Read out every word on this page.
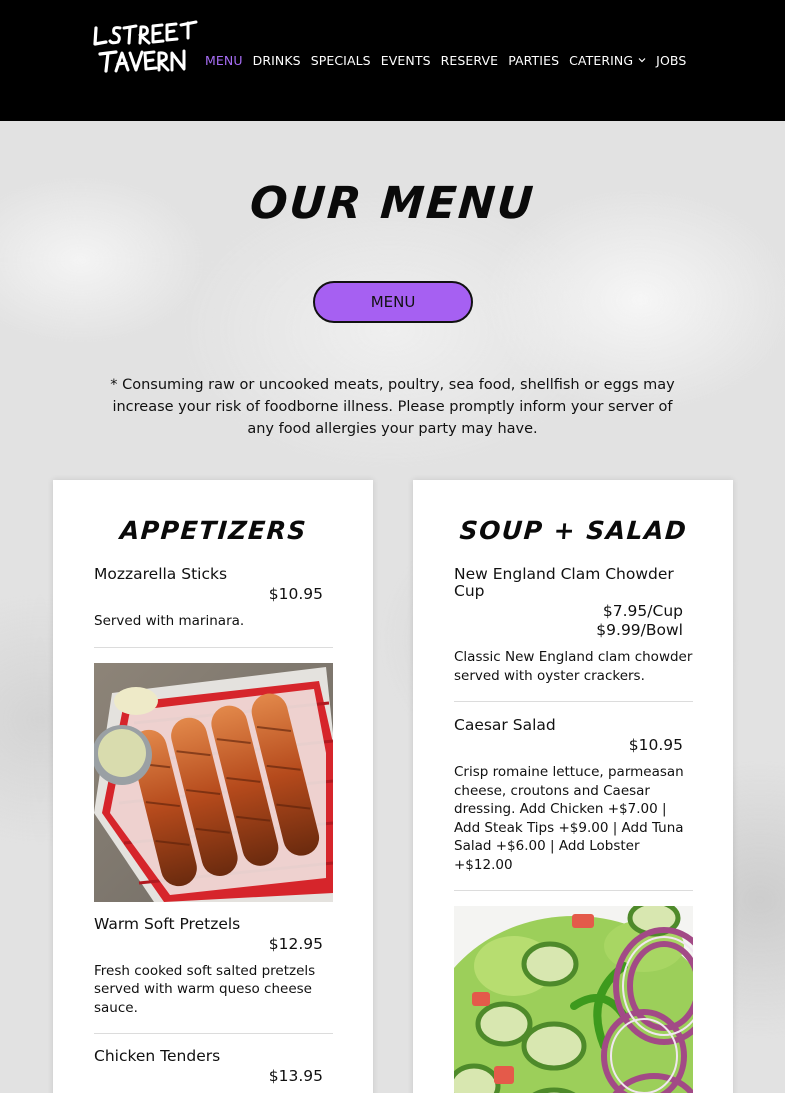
MENU DRINKS SPECIALS EVENTS RESERVE PARTIES CATERING JOBS
OUR MENU
MENU
* Consuming raw or uncooked meats, poultry, sea food, shellfish or eggs may increase your risk of foodborne illness. Please promptly inform your server of any food allergies your party may have.
APPETIZERS
Mozzarella Sticks
$10.95
Served with marinara.
Warm Soft Pretzels
$12.95
Fresh cooked soft salted pretzels served with warm queso cheese sauce.
Chicken Tenders
$13.95
SOUP + SALAD
New England Clam Chowder Cup
$7.95/Cup
$9.99/Bowl
Classic New England clam chowder served with oyster crackers.
Caesar Salad
$10.95
Crisp romaine lettuce, parmeasan cheese, croutons and Caesar dressing. Add Chicken +$7.00 | Add Steak Tips +$9.00 | Add Tuna Salad +$6.00 | Add Lobster +$12.00
